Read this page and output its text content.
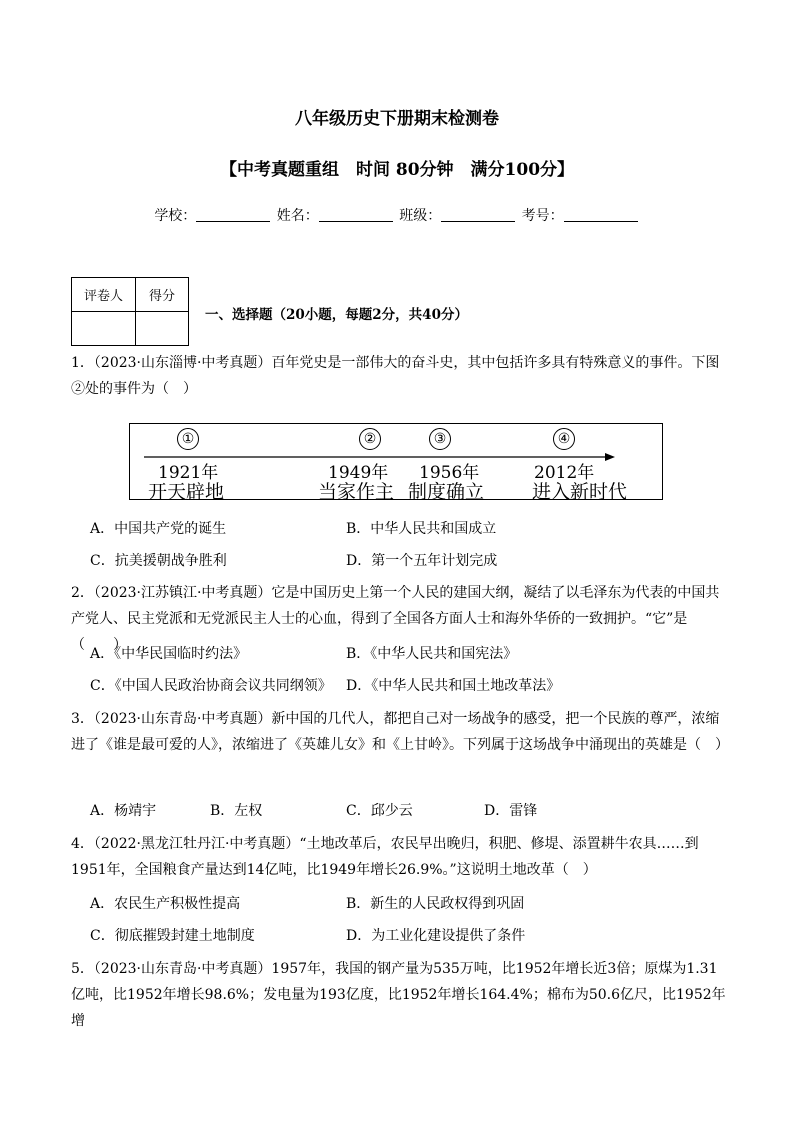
八年级历史下册期末检测卷
【中考真题重组　时间 80分钟　满分100分】
学校：	姓名：	班级：	考号：
评卷人	得分

一、选择题（20小题，每题2分，共40分）
1．（2023·山东淄博·中考真题）百年党史是一部伟大的奋斗史，其中包括许多具有特殊意义的事件。下图②处的事件为（　）
①
1921年
开天辟地
②
1949年
当家作主
③
1956年
制度确立
④
2012年
进入新时代
A．中国共产党的诞生	B．中华人民共和国成立
C．抗美援朝战争胜利	D．第一个五年计划完成
2．（2023·江苏镇江·中考真题）它是中国历史上第一个人民的建国大纲，凝结了以毛泽东为代表的中国共产党人、民主党派和无党派民主人士的心血，得到了全国各方面人士和海外华侨的一致拥护。“它”是（　　）
A．《中华民国临时约法》	B．《中华人民共和国宪法》
C．《中国人民政治协商会议共同纲领》 D．《中华人民共和国土地改革法》
3．（2023·山东青岛·中考真题）新中国的几代人，都把自己对一场战争的感受，把一个民族的尊严，浓缩进了《谁是最可爱的人》，浓缩进了《英雄儿女》和《上甘岭》。下列属于这场战争中涌现出的英雄是（　）
A．杨靖宇	B．左权	C．邱少云	D．雷锋
4．（2022·黑龙江牡丹江·中考真题）“土地改革后，农民早出晚归，积肥、修堤、添置耕牛农具……到1951年，全国粮食产量达到14亿吨，比1949年增长26.9%。”这说明土地改革（　）
A．农民生产积极性提高	B．新生的人民政权得到巩固
C．彻底摧毁封建土地制度	D．为工业化建设提供了条件
5．（2023·山东青岛·中考真题）1957年，我国的钢产量为535万吨，比1952年增长近3倍；原煤为1.31亿吨，比1952年增长98.6%；发电量为193亿度，比1952年增长164.4%；棉布为50.6亿尺，比1952年增
